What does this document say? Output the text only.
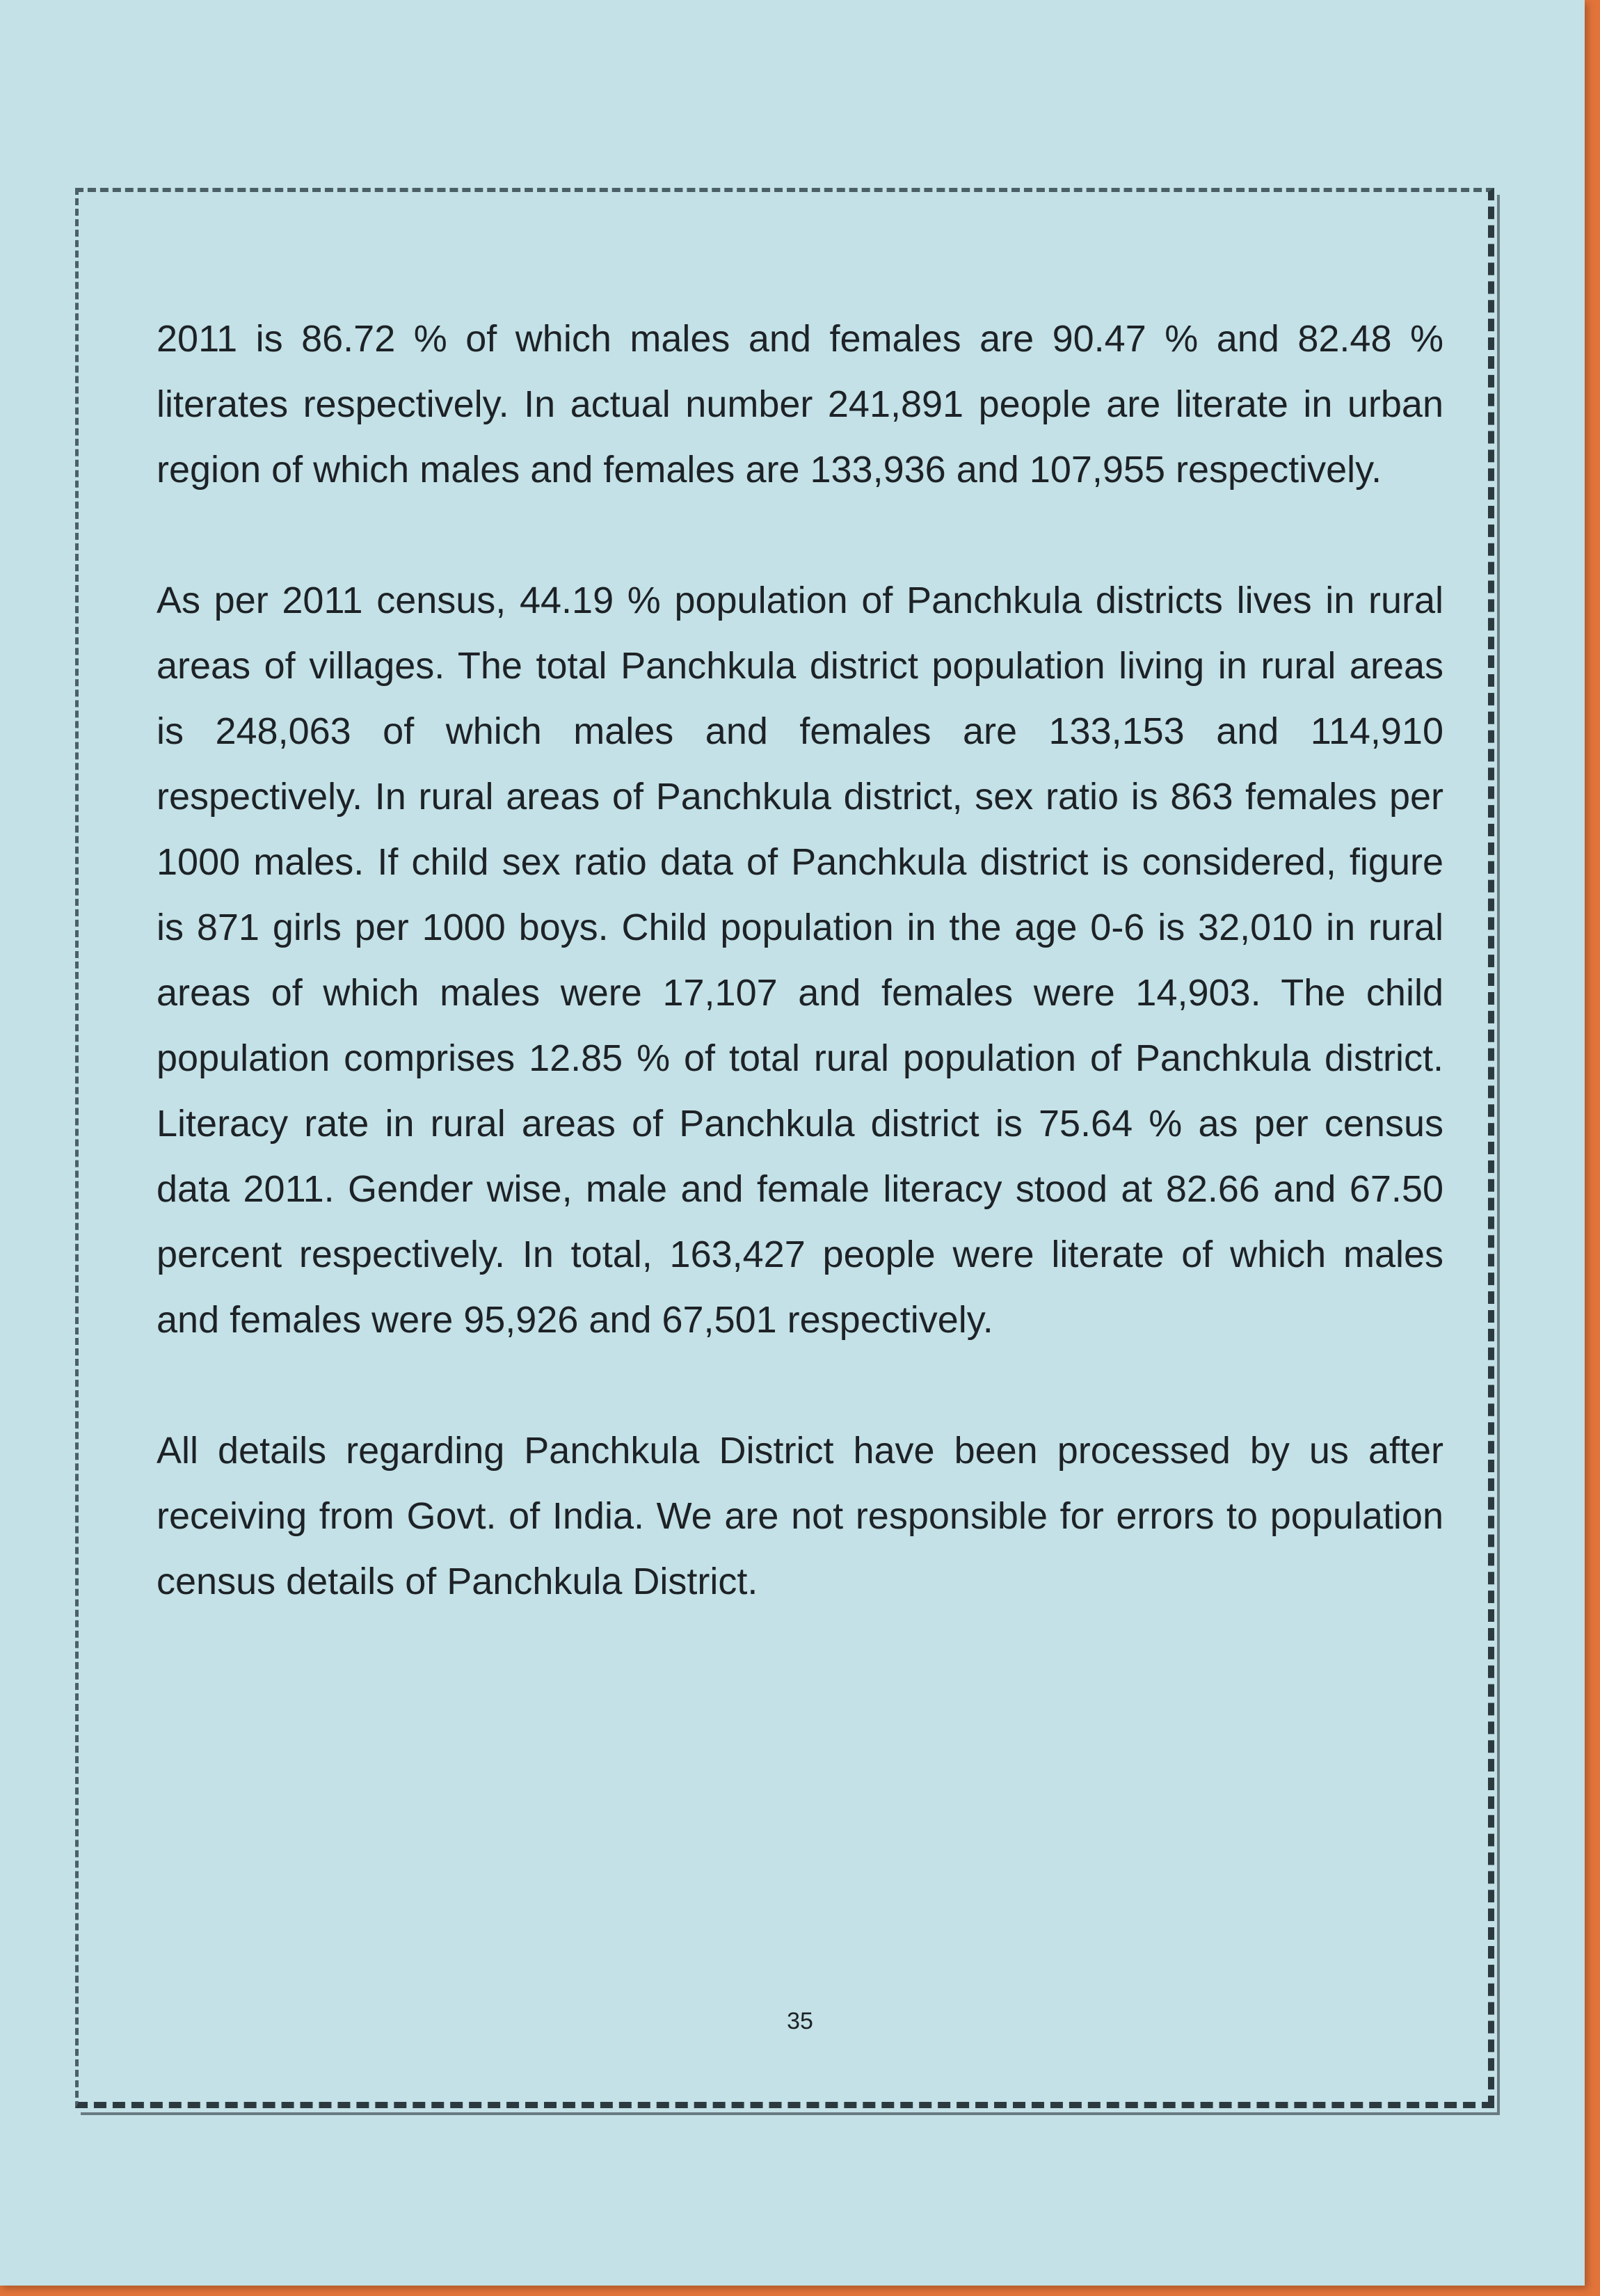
2011 is 86.72 % of which males and females are 90.47 % and 82.48 % literates respectively. In actual number 241,891 people are literate in urban region of which males and females are 133,936 and 107,955 respectively.

As per 2011 census, 44.19 % population of Panchkula districts lives in rural areas of villages. The total Panchkula district population living in rural areas is 248,063 of which males and females are 133,153 and 114,910 respectively. In rural areas of Panchkula district, sex ratio is 863 females per 1000 males. If child sex ratio data of Panchkula district is considered, figure is 871 girls per 1000 boys. Child population in the age 0-6 is 32,010 in rural areas of which males were 17,107 and females were 14,903. The child population comprises 12.85 % of total rural population of Panchkula district. Literacy rate in rural areas of Panchkula district is 75.64 % as per census data 2011. Gender wise, male and female literacy stood at 82.66 and 67.50 percent respectively. In total, 163,427 people were literate of which males and females were 95,926 and 67,501 respectively.

All details regarding Panchkula District have been processed by us after receiving from Govt. of India. We are not responsible for errors to population census details of Panchkula District.

35
